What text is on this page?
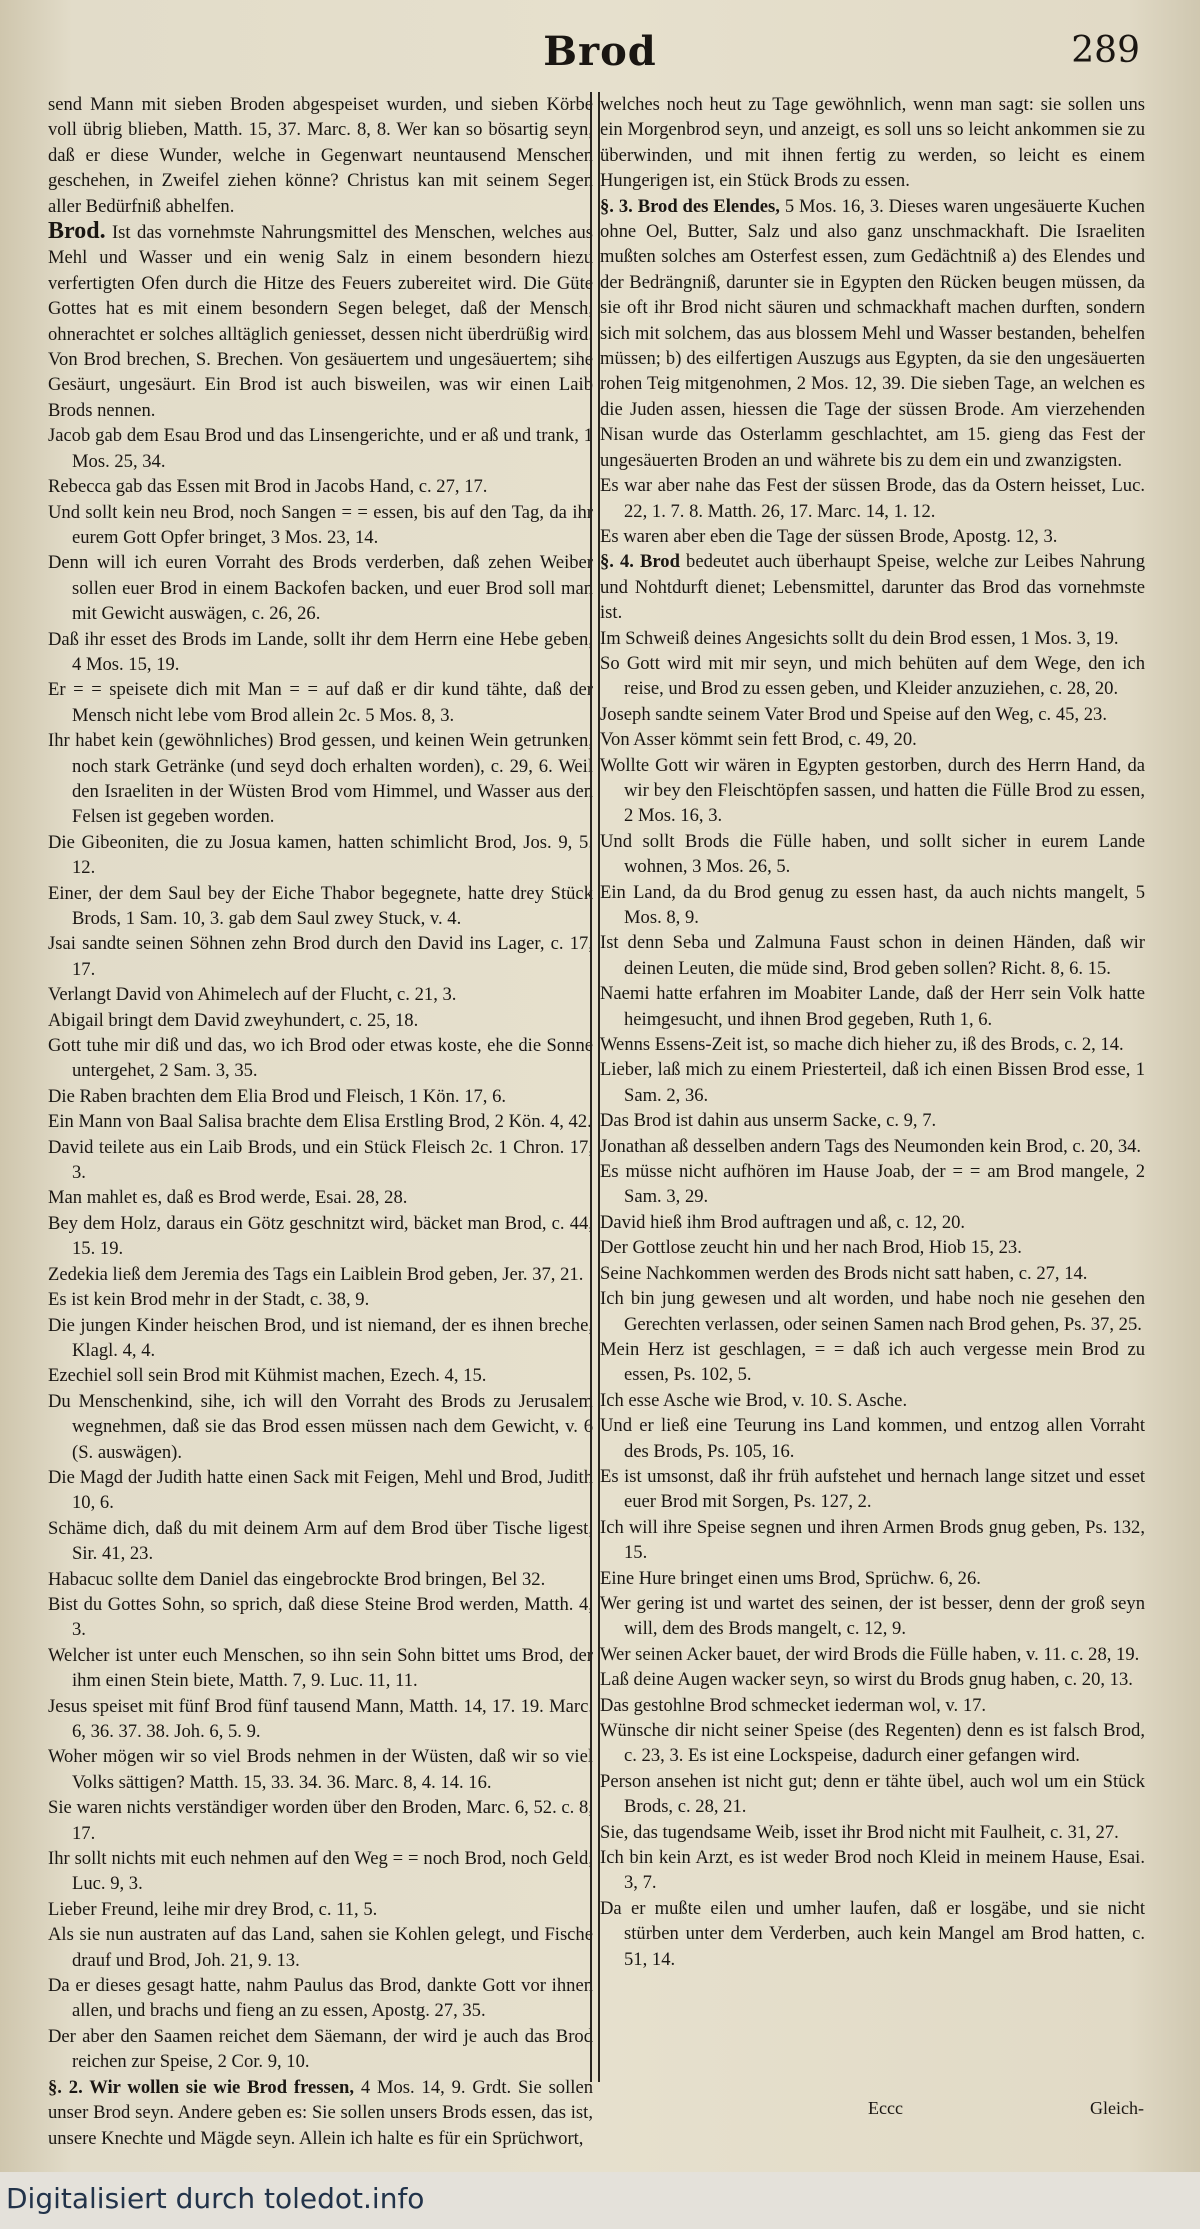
Brod	289

send Mann mit sieben Broden abgespeiset wurden, und sieben Körbe voll übrig blieben, Matth. 15, 37. Marc. 8, 8. Wer kan so bösartig seyn, daß er diese Wunder, welche in Gegenwart neuntausend Menschen geschehen, in Zweifel ziehen könne? Christus kan mit seinem Segen aller Bedürfniß abhelfen.

Brod. Ist das vornehmste Nahrungsmittel des Menschen, welches aus Mehl und Wasser und ein wenig Salz in einem besondern hiezu verfertigten Ofen durch die Hitze des Feuers zubereitet wird. Die Güte Gottes hat es mit einem besondern Segen beleget, daß der Mensch, ohnerachtet er solches alltäglich geniesset, dessen nicht überdrüßig wird. Von Brod brechen, S. Brechen. Von gesäuertem und ungesäuertem; sihe Gesäurt, ungesäurt. Ein Brod ist auch bisweilen, was wir einen Laib Brods nennen.

Jacob gab dem Esau Brod und das Linsengerichte, und er aß und trank, 1 Mos. 25, 34.

Rebecca gab das Essen mit Brod in Jacobs Hand, c. 27, 17.

Und sollt kein neu Brod, noch Sangen = = essen, bis auf den Tag, da ihr eurem Gott Opfer bringet, 3 Mos. 23, 14.

Denn will ich euren Vorraht des Brods verderben, daß zehen Weiber sollen euer Brod in einem Backofen backen, und euer Brod soll man mit Gewicht auswägen, c. 26, 26.

Daß ihr esset des Brods im Lande, sollt ihr dem Herrn eine Hebe geben, 4 Mos. 15, 19.

Er = = speisete dich mit Man = = auf daß er dir kund tähte, daß der Mensch nicht lebe vom Brod allein 2c. 5 Mos. 8, 3.

Ihr habet kein (gewöhnliches) Brod gessen, und keinen Wein getrunken, noch stark Getränke (und seyd doch erhalten worden), c. 29, 6. Weil den Israeliten in der Wüsten Brod vom Himmel, und Wasser aus den Felsen ist gegeben worden.

Die Gibeoniten, die zu Josua kamen, hatten schimlicht Brod, Jos. 9, 5. 12.

Einer, der dem Saul bey der Eiche Thabor begegnete, hatte drey Stück Brods, 1 Sam. 10, 3. gab dem Saul zwey Stuck, v. 4.

Jsai sandte seinen Söhnen zehn Brod durch den David ins Lager, c. 17, 17.

Verlangt David von Ahimelech auf der Flucht, c. 21, 3.

Abigail bringt dem David zweyhundert, c. 25, 18.

Gott tuhe mir diß und das, wo ich Brod oder etwas koste, ehe die Sonne untergehet, 2 Sam. 3, 35.

Die Raben brachten dem Elia Brod und Fleisch, 1 Kön. 17, 6.

Ein Mann von Baal Salisa brachte dem Elisa Erstling Brod, 2 Kön. 4, 42.

David teilete aus ein Laib Brods, und ein Stück Fleisch 2c. 1 Chron. 17, 3.

Man mahlet es, daß es Brod werde, Esai. 28, 28.

Bey dem Holz, daraus ein Götz geschnitzt wird, bäcket man Brod, c. 44, 15. 19.

Zedekia ließ dem Jeremia des Tags ein Laiblein Brod geben, Jer. 37, 21.

Es ist kein Brod mehr in der Stadt, c. 38, 9.

Die jungen Kinder heischen Brod, und ist niemand, der es ihnen breche, Klagl. 4, 4.

Ezechiel soll sein Brod mit Kühmist machen, Ezech. 4, 15.

Du Menschenkind, sihe, ich will den Vorraht des Brods zu Jerusalem wegnehmen, daß sie das Brod essen müssen nach dem Gewicht, v. 6 (S. auswägen).

Die Magd der Judith hatte einen Sack mit Feigen, Mehl und Brod, Judith 10, 6.

Schäme dich, daß du mit deinem Arm auf dem Brod über Tische ligest, Sir. 41, 23.

Habacuc sollte dem Daniel das eingebrockte Brod bringen, Bel 32.

Bist du Gottes Sohn, so sprich, daß diese Steine Brod werden, Matth. 4, 3.

Welcher ist unter euch Menschen, so ihn sein Sohn bittet ums Brod, der ihm einen Stein biete, Matth. 7, 9. Luc. 11, 11.

Jesus speiset mit fünf Brod fünf tausend Mann, Matth. 14, 17. 19. Marc. 6, 36. 37. 38. Joh. 6, 5. 9.

Woher mögen wir so viel Brods nehmen in der Wüsten, daß wir so viel Volks sättigen? Matth. 15, 33. 34. 36. Marc. 8, 4. 14. 16.

Sie waren nichts verständiger worden über den Broden, Marc. 6, 52. c. 8, 17.

Ihr sollt nichts mit euch nehmen auf den Weg = = noch Brod, noch Geld, Luc. 9, 3.

Lieber Freund, leihe mir drey Brod, c. 11, 5.

Als sie nun austraten auf das Land, sahen sie Kohlen gelegt, und Fische drauf und Brod, Joh. 21, 9. 13.

Da er dieses gesagt hatte, nahm Paulus das Brod, dankte Gott vor ihnen allen, und brachs und fieng an zu essen, Apostg. 27, 35.

Der aber den Saamen reichet dem Säemann, der wird je auch das Brod reichen zur Speise, 2 Cor. 9, 10.

§. 2. Wir wollen sie wie Brod fressen, 4 Mos. 14, 9. Grdt. Sie sollen unser Brod seyn. Andere geben es: Sie sollen unsers Brods essen, das ist, unsere Knechte und Mägde seyn. Allein ich halte es für ein Sprüchwort,

welches noch heut zu Tage gewöhnlich, wenn man sagt: sie sollen uns ein Morgenbrod seyn, und anzeigt, es soll uns so leicht ankommen sie zu überwinden, und mit ihnen fertig zu werden, so leicht es einem Hungerigen ist, ein Stück Brods zu essen.

§. 3. Brod des Elendes, 5 Mos. 16, 3. Dieses waren ungesäuerte Kuchen ohne Oel, Butter, Salz und also ganz unschmackhaft. Die Israeliten mußten solches am Osterfest essen, zum Gedächtniß a) des Elendes und der Bedrängniß, darunter sie in Egypten den Rücken beugen müssen, da sie oft ihr Brod nicht säuren und schmackhaft machen durften, sondern sich mit solchem, das aus blossem Mehl und Wasser bestanden, behelfen müssen; b) des eilfertigen Auszugs aus Egypten, da sie den ungesäuerten rohen Teig mitgenohmen, 2 Mos. 12, 39. Die sieben Tage, an welchen es die Juden assen, hiessen die Tage der süssen Brode. Am vierzehenden Nisan wurde das Osterlamm geschlachtet, am 15. gieng das Fest der ungesäuerten Broden an und währete bis zu dem ein und zwanzigsten.

Es war aber nahe das Fest der süssen Brode, das da Ostern heisset, Luc. 22, 1. 7. 8. Matth. 26, 17. Marc. 14, 1. 12.

Es waren aber eben die Tage der süssen Brode, Apostg. 12, 3.

§. 4. Brod bedeutet auch überhaupt Speise, welche zur Leibes Nahrung und Nohtdurft dienet; Lebensmittel, darunter das Brod das vornehmste ist.

Im Schweiß deines Angesichts sollt du dein Brod essen, 1 Mos. 3, 19.

So Gott wird mit mir seyn, und mich behüten auf dem Wege, den ich reise, und Brod zu essen geben, und Kleider anzuziehen, c. 28, 20.

Joseph sandte seinem Vater Brod und Speise auf den Weg, c. 45, 23.

Von Asser kömmt sein fett Brod, c. 49, 20.

Wollte Gott wir wären in Egypten gestorben, durch des Herrn Hand, da wir bey den Fleischtöpfen sassen, und hatten die Fülle Brod zu essen, 2 Mos. 16, 3.

Und sollt Brods die Fülle haben, und sollt sicher in eurem Lande wohnen, 3 Mos. 26, 5.

Ein Land, da du Brod genug zu essen hast, da auch nichts mangelt, 5 Mos. 8, 9.

Ist denn Seba und Zalmuna Faust schon in deinen Händen, daß wir deinen Leuten, die müde sind, Brod geben sollen? Richt. 8, 6. 15.

Naemi hatte erfahren im Moabiter Lande, daß der Herr sein Volk hatte heimgesucht, und ihnen Brod gegeben, Ruth 1, 6.

Wenns Essens-Zeit ist, so mache dich hieher zu, iß des Brods, c. 2, 14.

Lieber, laß mich zu einem Priesterteil, daß ich einen Bissen Brod esse, 1 Sam. 2, 36.

Das Brod ist dahin aus unserm Sacke, c. 9, 7.

Jonathan aß desselben andern Tags des Neumonden kein Brod, c. 20, 34.

Es müsse nicht aufhören im Hause Joab, der = = am Brod mangele, 2 Sam. 3, 29.

David hieß ihm Brod auftragen und aß, c. 12, 20.

Der Gottlose zeucht hin und her nach Brod, Hiob 15, 23.

Seine Nachkommen werden des Brods nicht satt haben, c. 27, 14.

Ich bin jung gewesen und alt worden, und habe noch nie gesehen den Gerechten verlassen, oder seinen Samen nach Brod gehen, Ps. 37, 25.

Mein Herz ist geschlagen, = = daß ich auch vergesse mein Brod zu essen, Ps. 102, 5.

Ich esse Asche wie Brod, v. 10. S. Asche.

Und er ließ eine Teurung ins Land kommen, und entzog allen Vorraht des Brods, Ps. 105, 16.

Es ist umsonst, daß ihr früh aufstehet und hernach lange sitzet und esset euer Brod mit Sorgen, Ps. 127, 2.

Ich will ihre Speise segnen und ihren Armen Brods gnug geben, Ps. 132, 15.

Eine Hure bringet einen ums Brod, Sprüchw. 6, 26.

Wer gering ist und wartet des seinen, der ist besser, denn der groß seyn will, dem des Brods mangelt, c. 12, 9.

Wer seinen Acker bauet, der wird Brods die Fülle haben, v. 11. c. 28, 19.

Laß deine Augen wacker seyn, so wirst du Brods gnug haben, c. 20, 13.

Das gestohlne Brod schmecket iederman wol, v. 17.

Wünsche dir nicht seiner Speise (des Regenten) denn es ist falsch Brod, c. 23, 3. Es ist eine Lockspeise, dadurch einer gefangen wird.

Person ansehen ist nicht gut; denn er tähte übel, auch wol um ein Stück Brods, c. 28, 21.

Sie, das tugendsame Weib, isset ihr Brod nicht mit Faulheit, c. 31, 27.

Ich bin kein Arzt, es ist weder Brod noch Kleid in meinem Hause, Esai. 3, 7.

Da er mußte eilen und umher laufen, daß er losgäbe, und sie nicht stürben unter dem Verderben, auch kein Mangel am Brod hatten, c. 51, 14.

Eccc	Gleich-
Digitalisiert durch toledot.info
